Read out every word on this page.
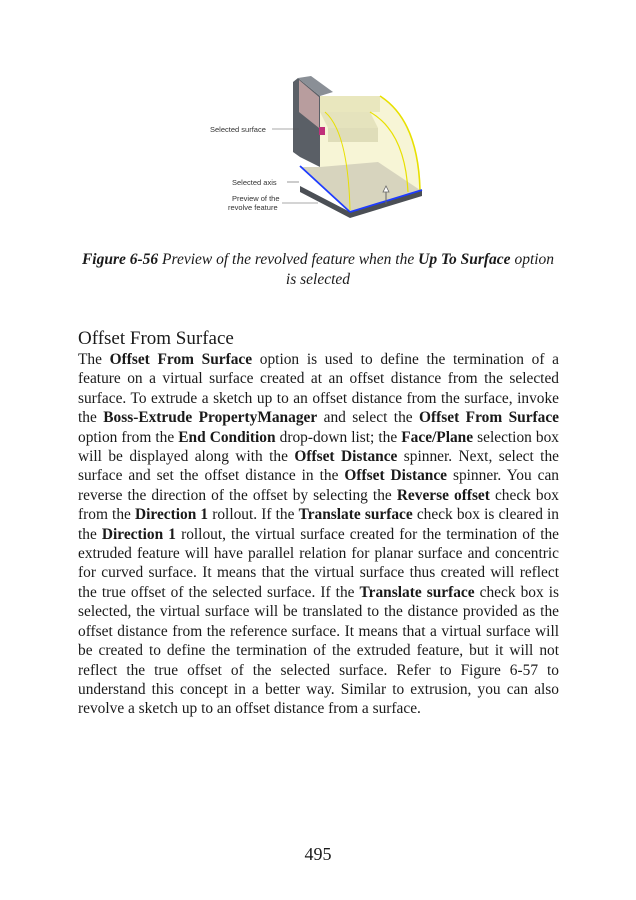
Selected surface
Selected axis
Preview of the
revolve feature
Figure 6-56 Preview of the revolved feature when the Up To Surface option is selected
Offset From Surface
The Offset From Surface option is used to define the termination of a feature on a virtual surface created at an offset distance from the selected surface. To extrude a sketch up to an offset distance from the surface, invoke the Boss-Extrude PropertyManager and select the Offset From Surface option from the End Condition drop-down list; the Face/Plane selection box will be displayed along with the Offset Distance spinner. Next, select the surface and set the offset distance in the Offset Distance spinner. You can reverse the direction of the offset by selecting the Reverse offset check box from the Direction 1 rollout. If the Translate surface check box is cleared in the Direction 1 rollout, the virtual surface created for the termination of the extruded feature will have parallel relation for planar surface and concentric for curved surface. It means that the virtual surface thus created will reflect the true offset of the selected surface. If the Translate surface check box is selected, the virtual surface will be translated to the distance provided as the offset distance from the reference surface. It means that a virtual surface will be created to define the termination of the extruded feature, but it will not reflect the true offset of the selected surface. Refer to Figure 6-57 to understand this concept in a better way. Similar to extrusion, you can also revolve a sketch up to an offset distance from a surface.
495
